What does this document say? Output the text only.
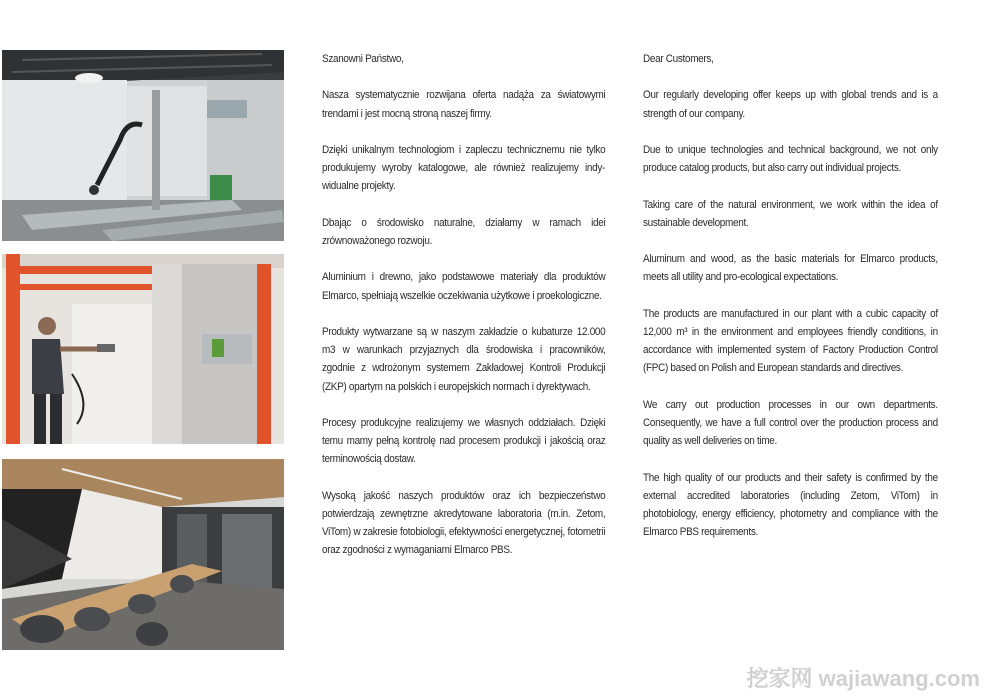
Szanowni Państwo,

Nasza systematycznie rozwijana oferta nadąża za światowymi trendami i jest mocną stroną naszej firmy.

Dzięki unikalnym technologiom i zapleczu technicznemu nie tylko produkujemy wyroby katalogowe, ale również realizujemy indywidualne projekty.

Dbając o środowisko naturalne, działamy w ramach idei zrównoważonego rozwoju.

Aluminium i drewno, jako podstawowe materiały dla produktów Elmarco, spełniają wszelkie oczekiwania użytkowe i proekologiczne.

Produkty wytwarzane są w naszym zakładzie o kubaturze 12.000 m3 w warunkach przyjaznych dla środowiska i pracowników, zgodnie z wdrożonym systemem Zakładowej Kontroli Produkcji (ZKP) opartym na polskich i europejskich normach i dyrektywach.

Procesy produkcyjne realizujemy we własnych oddziałach. Dzięki temu mamy pełną kontrolę nad procesem produkcji i jakością oraz terminowością dostaw.

Wysoką jakość naszych produktów oraz ich bezpieczeństwo potwierdzają zewnętrzne akredytowane laboratoria (m.in. Zetom, ViTom) w zakresie fotobiologii, efektywności energetycznej, fotometrii oraz zgodności z wymaganiami Elmarco PBS.

Dear Customers,

Our regularly developing offer keeps up with global trends and is a strength of our company.

Due to unique technologies and technical background, we not only produce catalog products, but also carry out individual projects.

Taking care of the natural environment, we work within the idea of sustainable development.

Aluminum and wood, as the basic materials for Elmarco products, meets all utility and pro-ecological expectations.

The products are manufactured in our plant with a cubic capacity of 12,000 m³ in the environment and employees friendly conditions, in accordance with implemented system of Factory Production Control (FPC) based on Polish and European standards and directives.

We carry out production processes in our own departments. Consequently, we have a full control over the production process and quality as well deliveries on time.

The high quality of our products and their safety is confirmed by the external accredited laboratories (including Zetom, ViTom) in photobiology, energy efficiency, photometry and compliance with the Elmarco PBS requirements.

挖家网 wajiawang.com
